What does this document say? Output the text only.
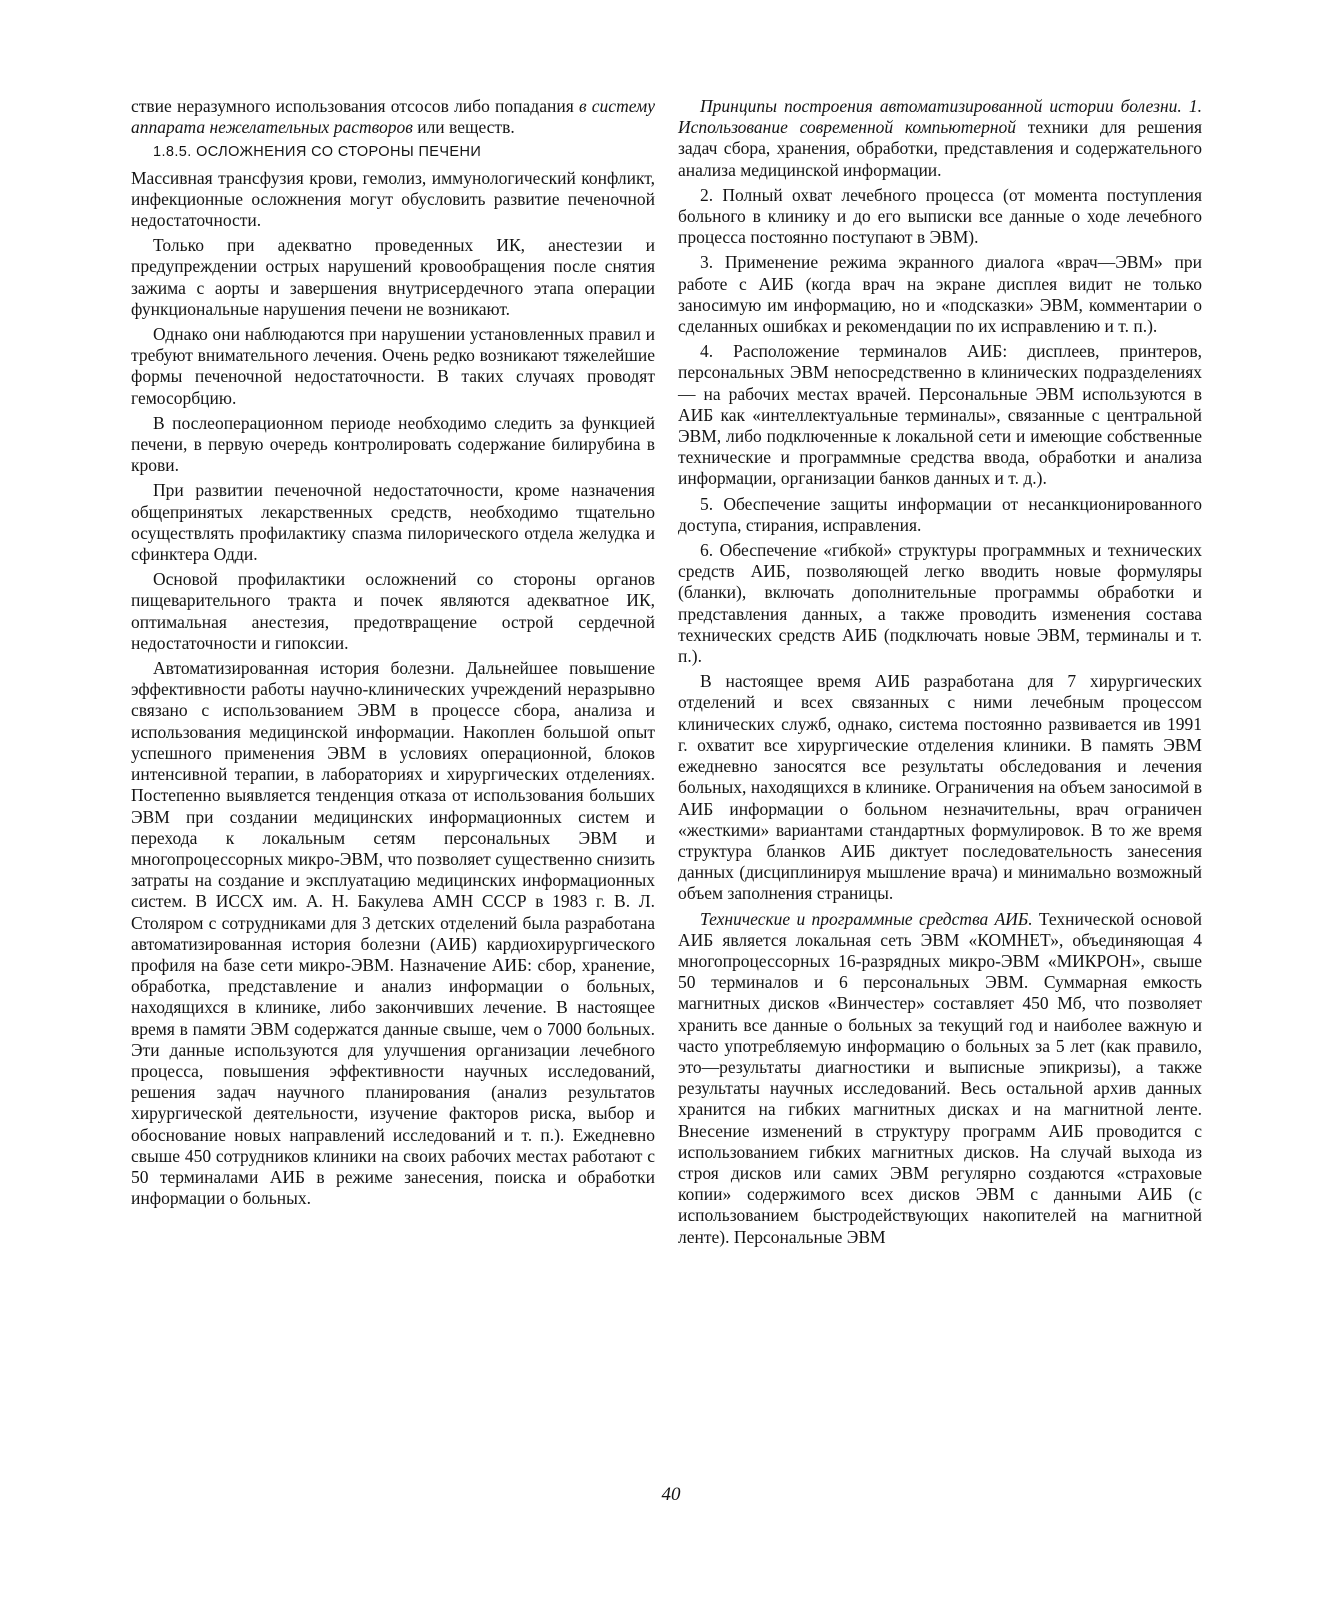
ствие неразумного использования отсосов либо попадания в систему аппарата нежелательных растворов или веществ.

1.8.5. ОСЛОЖНЕНИЯ СО СТОРОНЫ ПЕЧЕНИ

Массивная трансфузия крови, гемолиз, иммунологический конфликт, инфекционные осложнения могут обусловить развитие печеночной недостаточности.

Только при адекватно проведенных ИК, анестезии и предупреждении острых нарушений кровообращения после снятия зажима с аорты и завершения внутрисердечного этапа операции функциональные нарушения печени не возникают.

Однако они наблюдаются при нарушении установленных правил и требуют внимательного лечения. Очень редко возникают тяжелейшие формы печеночной недостаточности. В таких случаях проводят гемосорбцию.

В послеоперационном периоде необходимо следить за функцией печени, в первую очередь контролировать содержание билирубина в крови.

При развитии печеночной недостаточности, кроме назначения общепринятых лекарственных средств, необходимо тщательно осуществлять профилактику спазма пилорического отдела желудка и сфинктера Одди.

Основой профилактики осложнений со стороны органов пищеварительного тракта и почек являются адекватное ИК, оптимальная анестезия, предотвращение острой сердечной недостаточности и гипоксии.

Автоматизированная история болезни. Дальнейшее повышение эффективности работы научно-клинических учреждений неразрывно связано с использованием ЭВМ в процессе сбора, анализа и использования медицинской информации. Накоплен большой опыт успешного применения ЭВМ в условиях операционной, блоков интенсивной терапии, в лабораториях и хирургических отделениях. Постепенно выявляется тенденция отказа от использования больших ЭВМ при создании медицинских информационных систем и перехода к локальным сетям персональных ЭВМ и многопроцессорных микро-ЭВМ, что позволяет существенно снизить затраты на создание и эксплуатацию медицинских информационных систем. В ИССХ им. А. Н. Бакулева АМН СССР в 1983 г. В. Л. Столяром с сотрудниками для 3 детских отделений была разработана автоматизированная история болезни (АИБ) кардиохирургического профиля на базе сети микро-ЭВМ. Назначение АИБ: сбор, хранение, обработка, представление и анализ информации о больных, находящихся в клинике, либо закончивших лечение. В настоящее время в памяти ЭВМ содержатся данные свыше, чем о 7000 больных. Эти данные используются для улучшения организации лечебного процесса, повышения эффективности научных исследований, решения задач научного планирования (анализ результатов хирургической деятельности, изучение факторов риска, выбор и обоснование новых направлений исследований и т. п.). Ежедневно свыше 450 сотрудников клиники на своих рабочих местах работают с 50 терминалами АИБ в режиме занесения, поиска и обработки информации о больных.

Принципы построения автоматизированной истории болезни. 1. Использование современной компьютерной техники для решения задач сбора, хранения, обработки, представления и содержательного анализа медицинской информации.

2. Полный охват лечебного процесса (от момента поступления больного в клинику и до его выписки все данные о ходе лечебного процесса постоянно поступают в ЭВМ).

3. Применение режима экранного диалога «врач—ЭВМ» при работе с АИБ (когда врач на экране дисплея видит не только заносимую им информацию, но и «подсказки» ЭВМ, комментарии о сделанных ошибках и рекомендации по их исправлению и т. п.).

4. Расположение терминалов АИБ: дисплеев, принтеров, персональных ЭВМ непосредственно в клинических подразделениях — на рабочих местах врачей. Персональные ЭВМ используются в АИБ как «интеллектуальные терминалы», связанные с центральной ЭВМ, либо подключенные к локальной сети и имеющие собственные технические и программные средства ввода, обработки и анализа информации, организации банков данных и т. д.).

5. Обеспечение защиты информации от несанкционированного доступа, стирания, исправления.

6. Обеспечение «гибкой» структуры программных и технических средств АИБ, позволяющей легко вводить новые формуляры (бланки), включать дополнительные программы обработки и представления данных, а также проводить изменения состава технических средств АИБ (подключать новые ЭВМ, терминалы и т. п.).

В настоящее время АИБ разработана для 7 хирургических отделений и всех связанных с ними лечебным процессом клинических служб, однако, система постоянно развивается ив 1991 г. охватит все хирургические отделения клиники. В память ЭВМ ежедневно заносятся все результаты обследования и лечения больных, находящихся в клинике. Ограничения на объем заносимой в АИБ информации о больном незначительны, врач ограничен «жесткими» вариантами стандартных формулировок. В то же время структура бланков АИБ диктует последовательность занесения данных (дисциплинируя мышление врача) и минимально возможный объем заполнения страницы.

Технические и программные средства АИБ. Технической основой АИБ является локальная сеть ЭВМ «КОМНЕТ», объединяющая 4 многопроцессорных 16-разрядных микро-ЭВМ «МИКРОН», свыше 50 терминалов и 6 персональных ЭВМ. Суммарная емкость магнитных дисков «Винчестер» составляет 450 Мб, что позволяет хранить все данные о больных за текущий год и наиболее важную и часто употребляемую информацию о больных за 5 лет (как правило, это—результаты диагностики и выписные эпикризы), а также результаты научных исследований. Весь остальной архив данных хранится на гибких магнитных дисках и на магнитной ленте. Внесение изменений в структуру программ АИБ проводится с использованием гибких магнитных дисков. На случай выхода из строя дисков или самих ЭВМ регулярно создаются «страховые копии» содержимого всех дисков ЭВМ с данными АИБ (с использованием быстродействующих накопителей на магнитной ленте). Персональные ЭВМ

40
